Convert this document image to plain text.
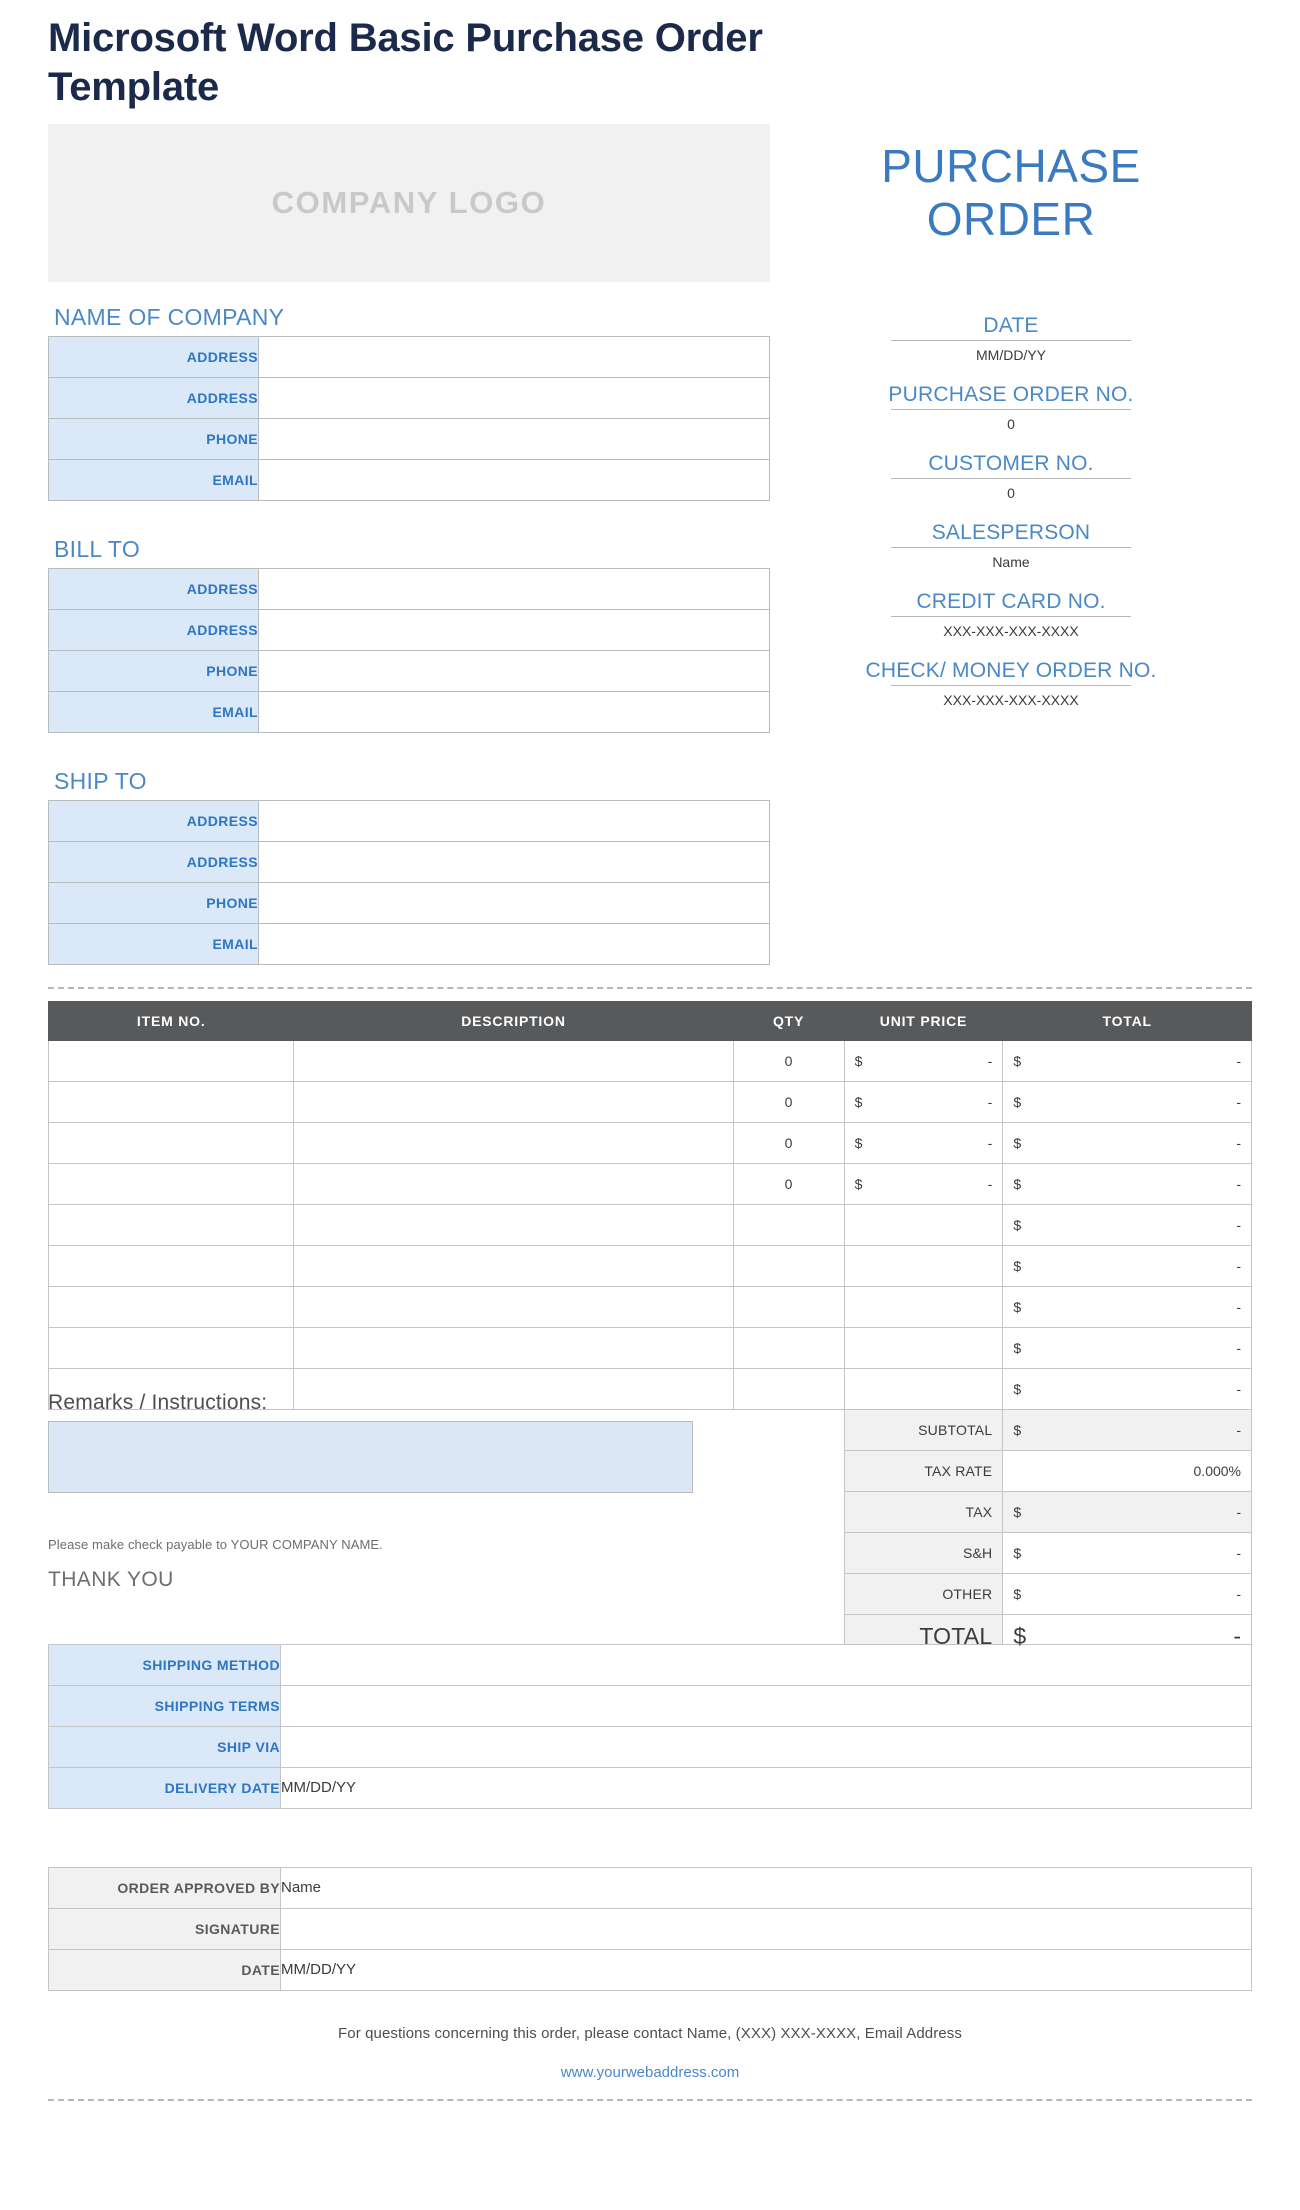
Microsoft Word Basic Purchase Order Template
COMPANY LOGO
PURCHASE
ORDER
NAME OF COMPANY
ADDRESS	
ADDRESS	
PHONE	
EMAIL	
BILL TO
ADDRESS	
ADDRESS	
PHONE	
EMAIL	
SHIP TO
ADDRESS	
ADDRESS	
PHONE	
EMAIL	
DATE
MM/DD/YY
PURCHASE ORDER NO.
0
CUSTOMER NO.
0
SALESPERSON
Name
CREDIT CARD NO.
XXX-XXX-XXX-XXXX
CHECK/ MONEY ORDER NO.
XXX-XXX-XXX-XXXX
ITEM NO.	DESCRIPTION	QTY	UNIT PRICE	TOTAL
		0	$ -	$ -

		0	$ -	$ -

		0	$ -	$ -

		0	$ -	$ -

				$ -

				$ -

				$ -

				$ -

				$ -

			SUBTOTAL	$ -

			TAX RATE	0.000%
			TAX	$ -

			S&H	$ -

			OTHER	$ -

			TOTAL	$ -
Remarks / Instructions:
Please make check payable to YOUR COMPANY NAME.
THANK YOU
SHIPPING METHOD	
SHIPPING TERMS	
SHIP VIA	
DELIVERY DATE	MM/DD/YY
ORDER APPROVED BY	Name
SIGNATURE	
DATE	MM/DD/YY
For questions concerning this order, please contact Name, (XXX) XXX-XXXX, Email Address
www.yourwebaddress.com
